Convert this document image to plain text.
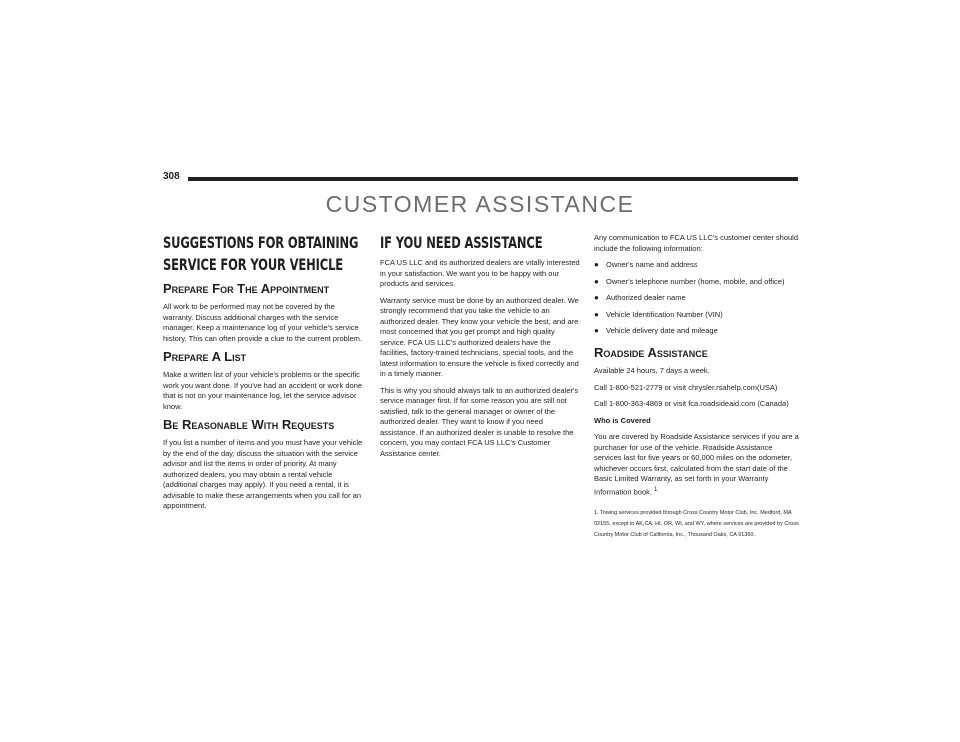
308
CUSTOMER ASSISTANCE
SUGGESTIONS FOR OBTAINING SERVICE FOR YOUR VEHICLE
Prepare For The Appointment

All work to be performed may not be covered by the warranty. Discuss additional charges with the service manager. Keep a maintenance log of your vehicle's service history. This can often provide a clue to the current problem.

Prepare A List

Make a written list of your vehicle's problems or the specific work you want done. If you've had an accident or work done that is not on your maintenance log, let the service advisor know.

Be Reasonable With Requests

If you list a number of items and you must have your vehicle by the end of the day, discuss the situation with the service advisor and list the items in order of priority. At many authorized dealers, you may obtain a rental vehicle (additional charges may apply). If you need a rental, it is advisable to make these arrangements when you call for an appointment.

IF YOU NEED ASSISTANCE

FCA US LLC and its authorized dealers are vitally interested in your satisfaction. We want you to be happy with our products and services.

Warranty service must be done by an authorized dealer. We strongly recommend that you take the vehicle to an authorized dealer. They know your vehicle the best, and are most concerned that you get prompt and high quality service. FCA US LLC's authorized dealers have the facilities, factory-trained technicians, special tools, and the latest information to ensure the vehicle is fixed correctly and in a timely manner.

This is why you should always talk to an authorized dealer's service manager first. If for some reason you are still not satisfied, talk to the general manager or owner of the authorized dealer. They want to know if you need assistance. If an authorized dealer is unable to resolve the concern, you may contact FCA US LLC's Customer Assistance center.

Any communication to FCA US LLC's customer center should include the following information:

● Owner's name and address
● Owner's telephone number (home, mobile, and office)
● Authorized dealer name
● Vehicle Identification Number (VIN)
● Vehicle delivery date and mileage
Roadside Assistance

Available 24 hours, 7 days a week.

Call 1-800-521-2779 or visit chrysler.rsahelp.com(USA)

Call 1-800-363-4869 or visit fca.roadsideaid.com (Canada)

Who is Covered

You are covered by Roadside Assistance services if you are a purchaser for use of the vehicle. Roadside Assistance services last for five years or 60,000 miles on the odometer, whichever occurs first, calculated from the start date of the Basic Limited Warranty, as set forth in your Warranty Information book. $^1$

1. Towing services provided through Cross Country Motor Club, Inc. Medford, MA 02155, except in AK,CA, HI, OR, WI, and WY, where services are provided by Cross Country Motor Club of California, Inc., Thousand Oaks, CA 91360.
